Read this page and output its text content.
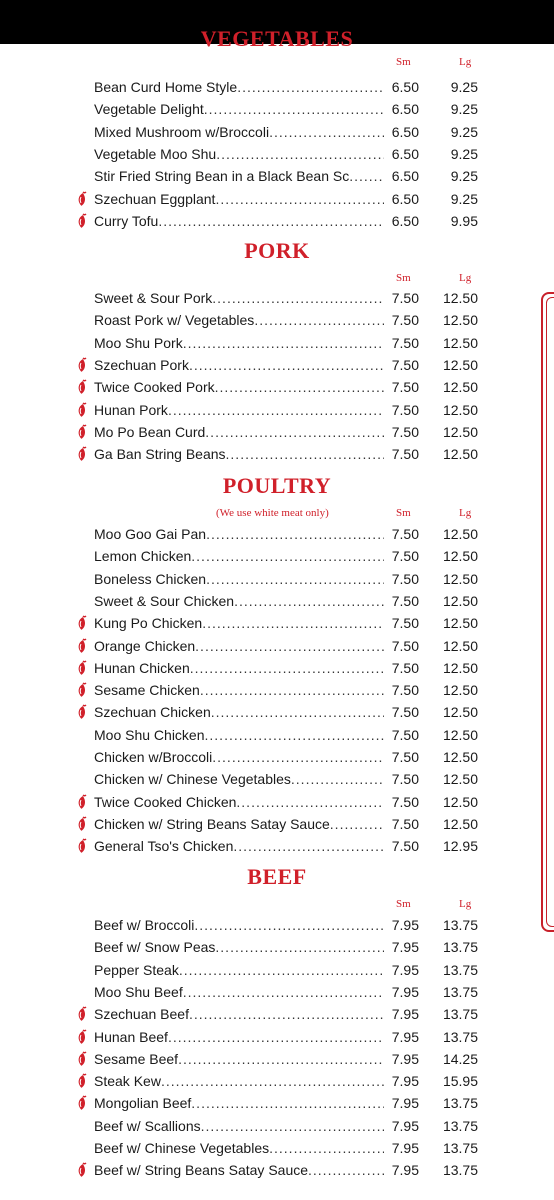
VEGETABLES
Sm	Lg
Bean Curd Home Style .....	6.50	9.25
Vegetable Delight .....	6.50	9.25
Mixed Mushroom w/Broccoli .....	6.50	9.25
Vegetable Moo Shu .....	6.50	9.25
Stir Fried String Bean in a Black Bean Sc .....	6.50	9.25
Szechuan Eggplant .....	6.50	9.25
Curry Tofu .....	6.50	9.95
PORK
Sm	Lg
Sweet & Sour Pork .....	7.50	12.50
Roast Pork w/ Vegetables .....	7.50	12.50
Moo Shu Pork .....	7.50	12.50
Szechuan Pork .....	7.50	12.50
Twice Cooked Pork .....	7.50	12.50
Hunan Pork .....	7.50	12.50
Mo Po Bean Curd .....	7.50	12.50
Ga Ban String Beans .....	7.50	12.50
POULTRY
(We use white meat only)	Sm	Lg
Moo Goo Gai Pan .....	7.50	12.50
Lemon Chicken .....	7.50	12.50
Boneless Chicken .....	7.50	12.50
Sweet & Sour Chicken .....	7.50	12.50
Kung Po Chicken .....	7.50	12.50
Orange Chicken .....	7.50	12.50
Hunan Chicken .....	7.50	12.50
Sesame Chicken .....	7.50	12.50
Szechuan Chicken .....	7.50	12.50
Moo Shu Chicken .....	7.50	12.50
Chicken w/Broccoli .....	7.50	12.50
Chicken w/ Chinese Vegetables .....	7.50	12.50
Twice Cooked Chicken .....	7.50	12.50
Chicken w/ String Beans Satay Sauce .....	7.50	12.50
General Tso's Chicken .....	7.50	12.95
BEEF
Sm	Lg
Beef w/ Broccoli .....	7.95	13.75
Beef w/ Snow Peas .....	7.95	13.75
Pepper Steak .....	7.95	13.75
Moo Shu Beef .....	7.95	13.75
Szechuan Beef .....	7.95	13.75
Hunan Beef .....	7.95	13.75
Sesame Beef .....	7.95	14.25
Steak Kew .....	7.95	15.95
Mongolian Beef .....	7.95	13.75
Beef w/ Scallions .....	7.95	13.75
Beef w/ Chinese Vegetables .....	7.95	13.75
Beef w/ String Beans Satay Sauce .....	7.95	13.75
